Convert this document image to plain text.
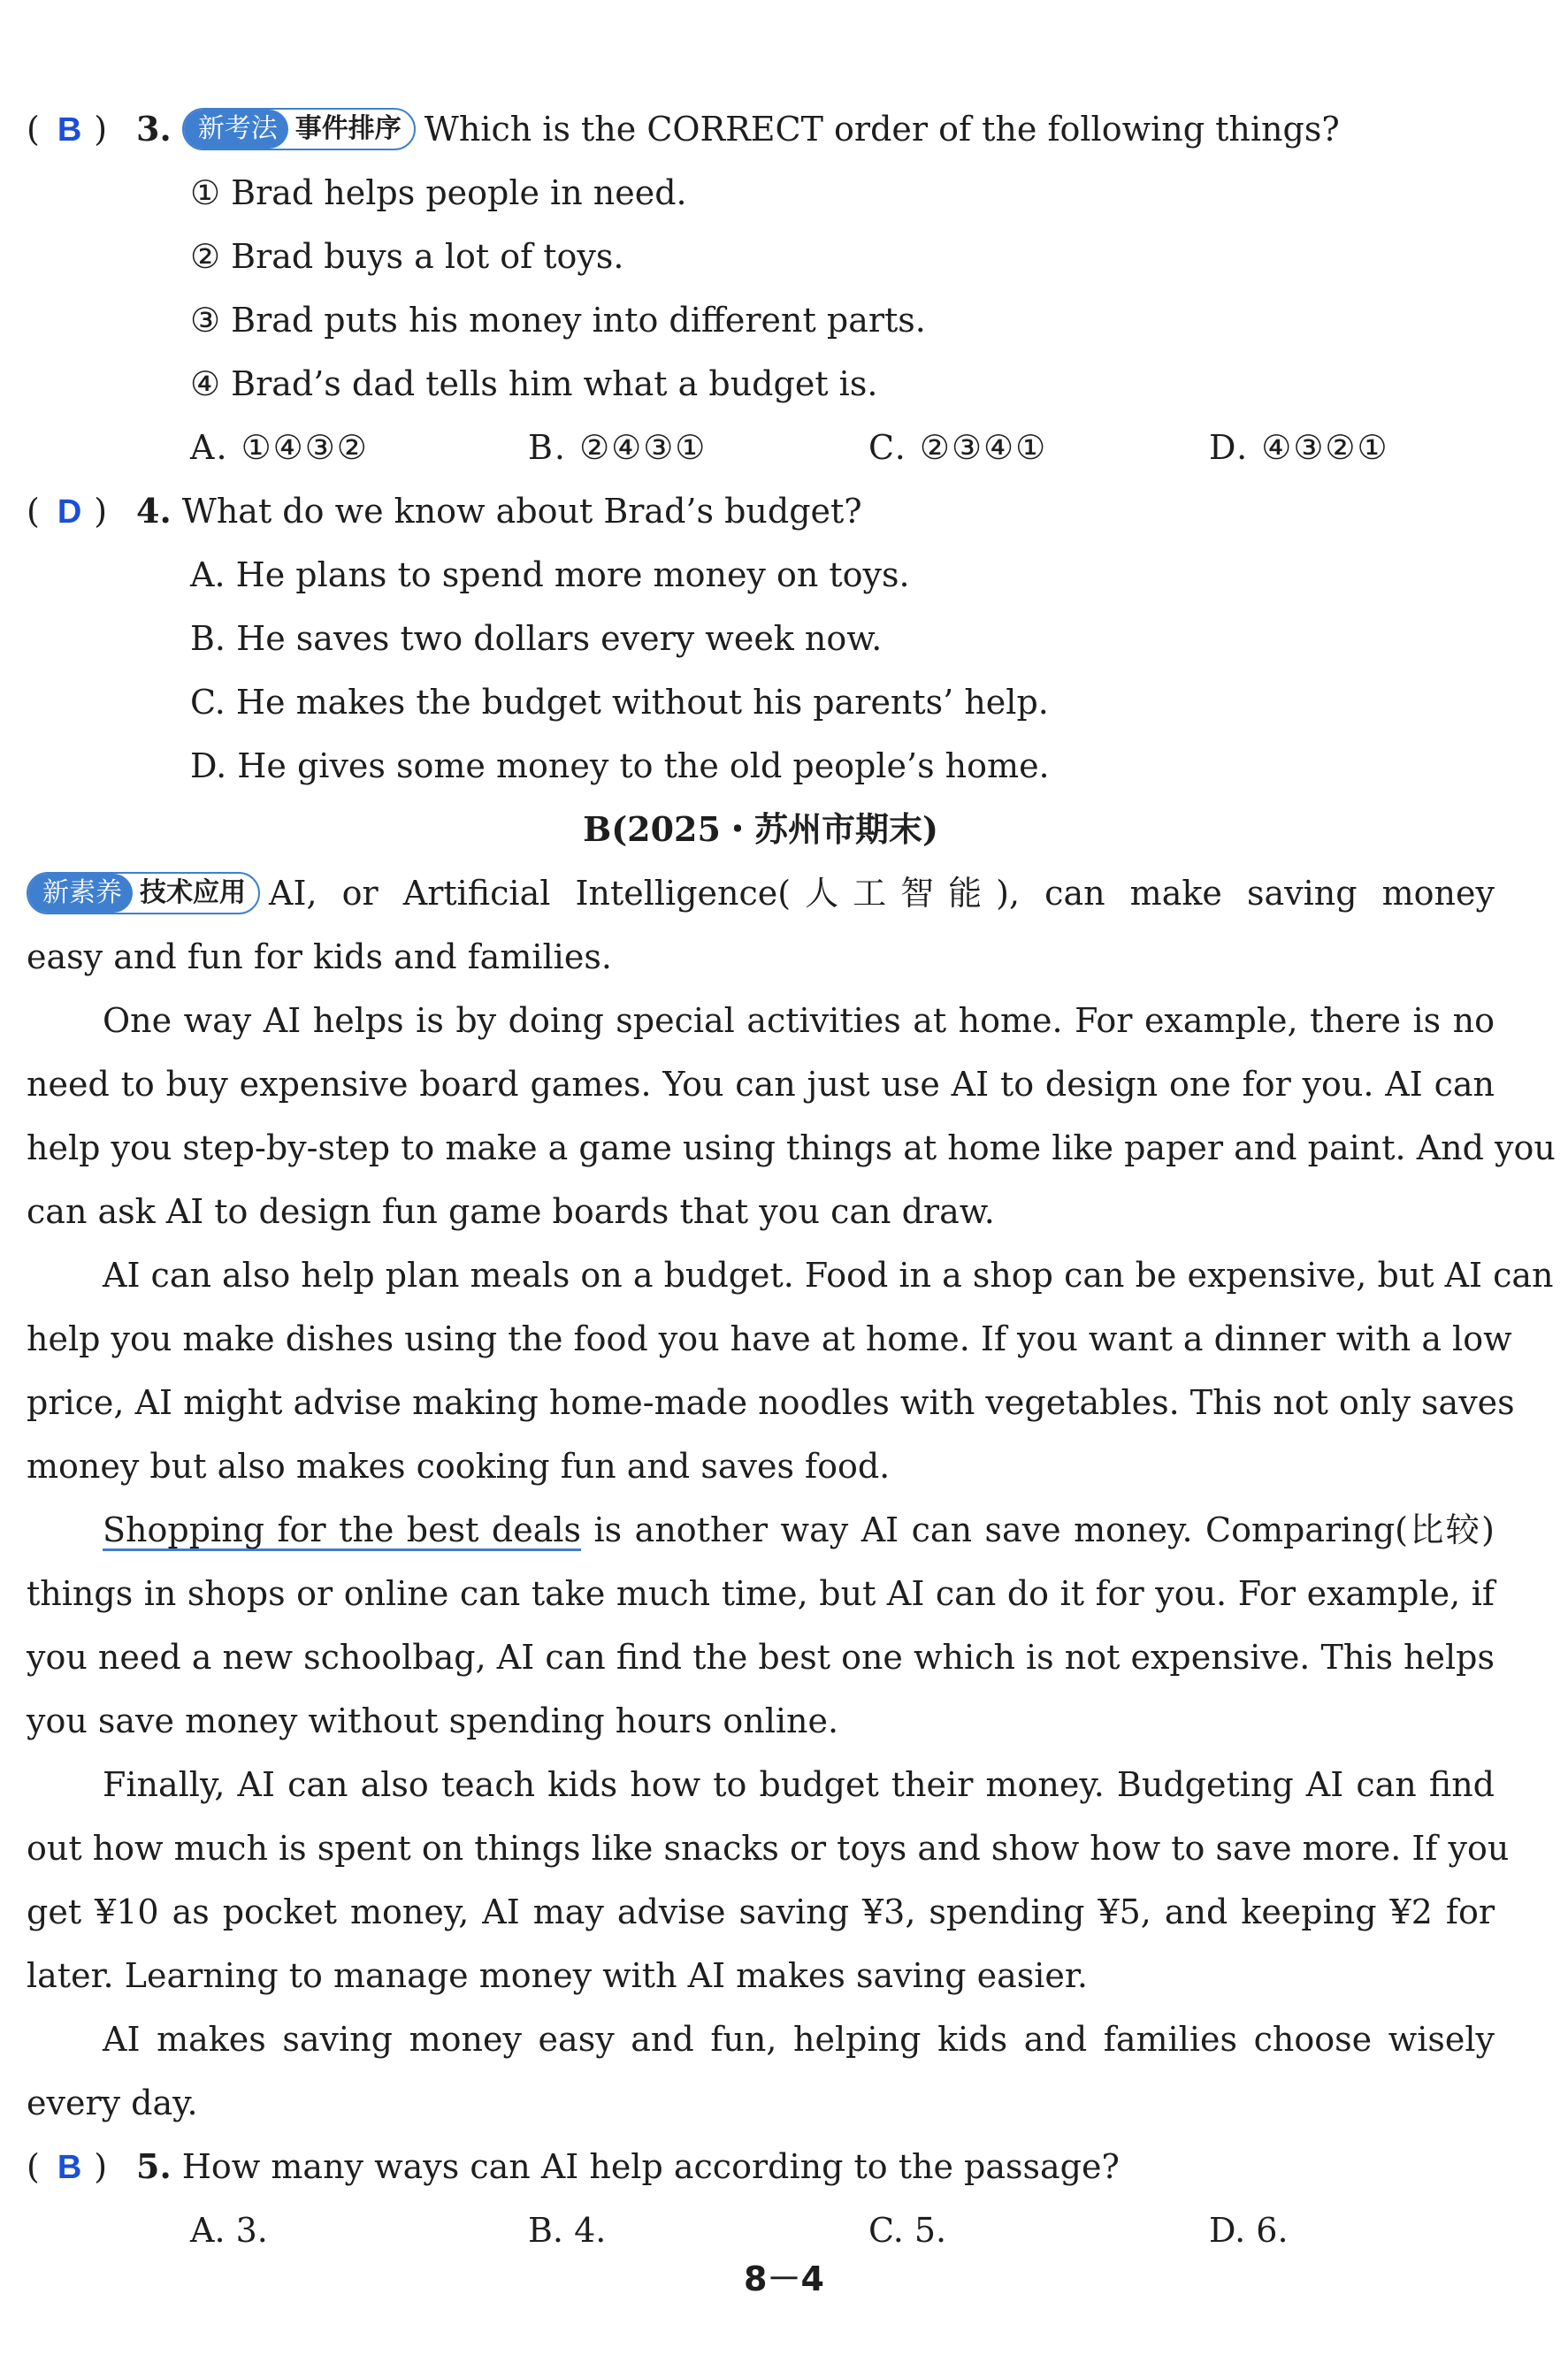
( B ) 3. 新考法 事件排序 Which is the CORRECT order of the following things?
① Brad helps people in need.
② Brad buys a lot of toys.
③ Brad puts his money into different parts.
④ Brad’s dad tells him what a budget is.
A. ①④③②	B. ②④③①	C. ②③④①	D. ④③②①
( D ) 4. What do we know about Brad’s budget?
A. He plans to spend more money on toys.
B. He saves two dollars every week now.
C. He makes the budget without his parents’ help.
D. He gives some money to the old people’s home.
B(2025・苏州市期末)
新素养 技术应用 AI, or Artificial Intelligence(人工智能), can make saving money
easy and fun for kids and families.
One way AI helps is by doing special activities at home. For example, there is no
need to buy expensive board games. You can just use AI to design one for you. AI can
help you step-by-step to make a game using things at home like paper and paint. And you
can ask AI to design fun game boards that you can draw.
AI can also help plan meals on a budget. Food in a shop can be expensive, but AI can
help you make dishes using the food you have at home. If you want a dinner with a low
price, AI might advise making home-made noodles with vegetables. This not only saves
money but also makes cooking fun and saves food.
Shopping for the best deals is another way AI can save money. Comparing(比较)
things in shops or online can take much time, but AI can do it for you. For example, if
you need a new schoolbag, AI can find the best one which is not expensive. This helps
you save money without spending hours online.
Finally, AI can also teach kids how to budget their money. Budgeting AI can find
out how much is spent on things like snacks or toys and show how to save more. If you
get ¥10 as pocket money, AI may advise saving ¥3, spending ¥5, and keeping ¥2 for
later. Learning to manage money with AI makes saving easier.
AI makes saving money easy and fun, helping kids and families choose wisely
every day.
( B ) 5. How many ways can AI help according to the passage?
A. 3.	B. 4.	C. 5.	D. 6.
8－4
